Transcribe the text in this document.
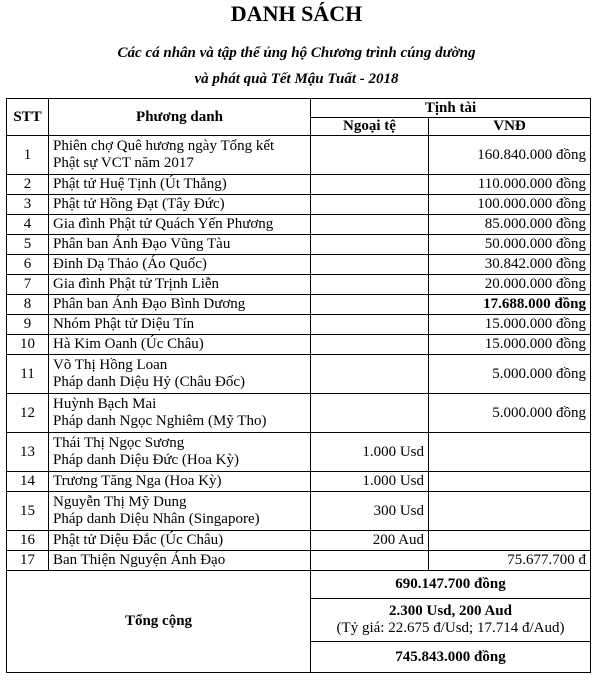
DANH SÁCH
Các cá nhân và tập thể ủng hộ Chương trình cúng dường
và phát quà Tết Mậu Tuất - 2018
STT	Phương danh	Tịnh tài	
		Ngoại tệ	VNĐ
1	Phiên chợ Quê hương ngày Tổng kết
Phật sự VCT năm 2017		160.840.000 đồng
2	Phật tử Huệ Tịnh (Út Thẳng)		110.000.000 đồng
3	Phật tử Hồng Đạt (Tây Đức)		100.000.000 đồng
4	Gia đình Phật tử Quách Yến Phương		85.000.000 đồng
5	Phân ban Ánh Đạo Vũng Tàu		50.000.000 đồng
6	Đinh Dạ Thảo (Áo Quốc)		30.842.000 đồng
7	Gia đình Phật tử Trịnh Liễn		20.000.000 đồng
8	Phân ban Ánh Đạo Bình Dương		17.688.000 đồng
9	Nhóm Phật tử Diệu Tín		15.000.000 đồng
10	Hà Kim Oanh (Úc Châu)		15.000.000 đồng
11	Võ Thị Hồng Loan
Pháp danh Diệu Hỷ (Châu Đốc)		5.000.000 đồng
12	Huỳnh Bạch Mai
Pháp danh Ngọc Nghiêm (Mỹ Tho)		5.000.000 đồng
13	Thái Thị Ngọc Sương
Pháp danh Diệu Đức (Hoa Kỳ)	1.000 Usd	
14	Trương Tăng Nga (Hoa Kỳ)	1.000 Usd	
15	Nguyễn Thị Mỹ Dung
Pháp danh Diệu Nhân (Singapore)	300 Usd	
16	Phật tử Diệu Đắc (Úc Châu)	200 Aud	
17	Ban Thiện Nguyện Ánh Đạo		75.677.700 đ
Tổng cộng		690.147.700 đồng	

		2.300 Usd, 200 Aud
(Tỷ giá: 22.675 đ/Usd; 17.714 đ/Aud)	

		745.843.000 đồng	
